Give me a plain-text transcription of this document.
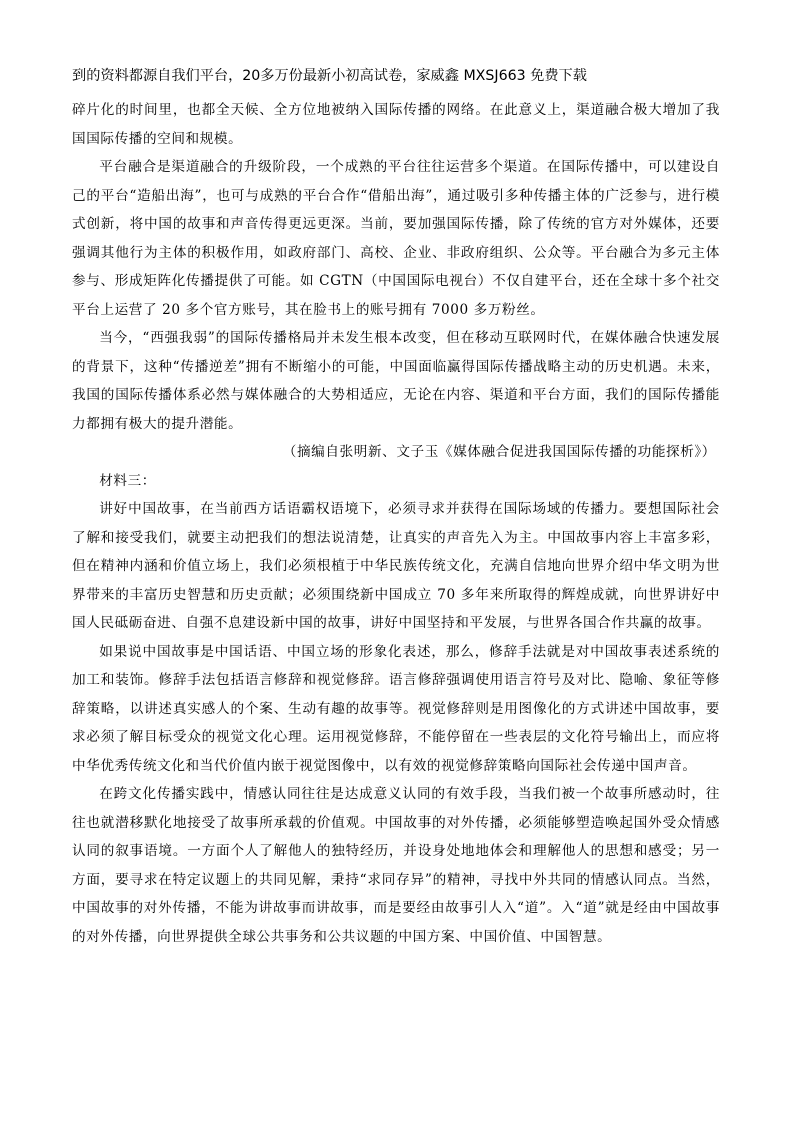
到的资料都源自我们平台，20多万份最新小初高试卷，家威鑫 MXSJ663 免费下载

碎片化的时间里，也都全天候、全方位地被纳入国际传播的网络。在此意义上，渠道融合极大增加了我国国际传播的空间和规模。

平台融合是渠道融合的升级阶段，一个成熟的平台往往运营多个渠道。在国际传播中，可以建设自己的平台“造船出海”，也可与成熟的平台合作“借船出海”，通过吸引多种传播主体的广泛参与，进行模式创新，将中国的故事和声音传得更远更深。当前，要加强国际传播，除了传统的官方对外媒体，还要强调其他行为主体的积极作用，如政府部门、高校、企业、非政府组织、公众等。平台融合为多元主体参与、形成矩阵化传播提供了可能。如 CGTN（中国国际电视台）不仅自建平台，还在全球十多个社交平台上运营了 20 多个官方账号，其在脸书上的账号拥有 7000 多万粉丝。

当今，“西强我弱”的国际传播格局并未发生根本改变，但在移动互联网时代，在媒体融合快速发展的背景下，这种“传播逆差”拥有不断缩小的可能，中国面临赢得国际传播战略主动的历史机遇。未来，我国的国际传播体系必然与媒体融合的大势相适应，无论在内容、渠道和平台方面，我们的国际传播能力都拥有极大的提升潜能。

（摘编自张明新、文子玉《媒体融合促进我国国际传播的功能探析》）

材料三：

讲好中国故事，在当前西方话语霸权语境下，必须寻求并获得在国际场域的传播力。要想国际社会了解和接受我们，就要主动把我们的想法说清楚，让真实的声音先入为主。中国故事内容上丰富多彩，但在精神内涵和价值立场上，我们必须根植于中华民族传统文化，充满自信地向世界介绍中华文明为世界带来的丰富历史智慧和历史贡献；必须围绕新中国成立 70 多年来所取得的辉煌成就，向世界讲好中国人民砥砺奋进、自强不息建设新中国的故事，讲好中国坚持和平发展，与世界各国合作共赢的故事。

如果说中国故事是中国话语、中国立场的形象化表述，那么，修辞手法就是对中国故事表述系统的加工和装饰。修辞手法包括语言修辞和视觉修辞。语言修辞强调使用语言符号及对比、隐喻、象征等修辞策略，以讲述真实感人的个案、生动有趣的故事等。视觉修辞则是用图像化的方式讲述中国故事，要求必须了解目标受众的视觉文化心理。运用视觉修辞，不能停留在一些表层的文化符号输出上，而应将中华优秀传统文化和当代价值内嵌于视觉图像中，以有效的视觉修辞策略向国际社会传递中国声音。

在跨文化传播实践中，情感认同往往是达成意义认同的有效手段，当我们被一个故事所感动时，往往也就潜移默化地接受了故事所承载的价值观。中国故事的对外传播，必须能够塑造唤起国外受众情感认同的叙事语境。一方面个人了解他人的独特经历，并设身处地地体会和理解他人的思想和感受；另一方面，要寻求在特定议题上的共同见解，秉持“求同存异”的精神，寻找中外共同的情感认同点。当然，中国故事的对外传播，不能为讲故事而讲故事，而是要经由故事引人入“道”。入“道”就是经由中国故事的对外传播，向世界提供全球公共事务和公共议题的中国方案、中国价值、中国智慧。
